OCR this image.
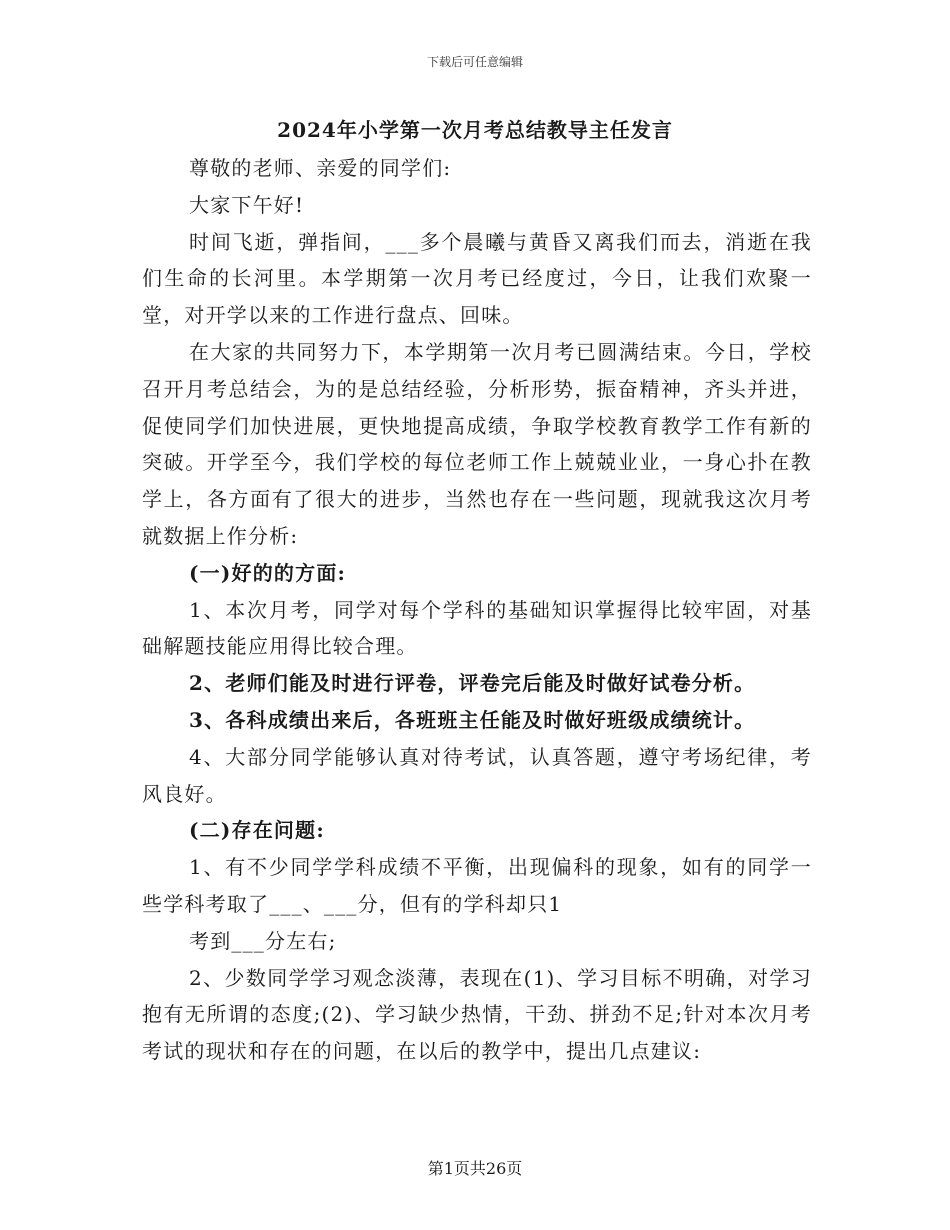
下载后可任意编辑
2024年小学第一次月考总结教导主任发言

尊敬的老师、亲爱的同学们:

大家下午好!

时间飞逝，弹指间，___多个晨曦与黄昏又离我们而去，消逝在我们生命的长河里。本学期第一次月考已经度过，今日，让我们欢聚一堂，对开学以来的工作进行盘点、回味。

在大家的共同努力下，本学期第一次月考已圆满结束。今日，学校召开月考总结会，为的是总结经验，分析形势，振奋精神，齐头并进，促使同学们加快进展，更快地提高成绩，争取学校教育教学工作有新的突破。开学至今，我们学校的每位老师工作上兢兢业业，一身心扑在教学上，各方面有了很大的进步，当然也存在一些问题，现就我这次月考就数据上作分析:

(一)好的的方面:

1、本次月考，同学对每个学科的基础知识掌握得比较牢固，对基础解题技能应用得比较合理。

2、老师们能及时进行评卷，评卷完后能及时做好试卷分析。

3、各科成绩出来后，各班班主任能及时做好班级成绩统计。

4、大部分同学能够认真对待考试，认真答题，遵守考场纪律，考风良好。

(二)存在问题:

1、有不少同学学科成绩不平衡，出现偏科的现象，如有的同学一些学科考取了___、___分，但有的学科却只1

考到___分左右;

2、少数同学学习观念淡薄，表现在(1)、学习目标不明确，对学习抱有无所谓的态度;(2)、学习缺少热情，干劲、拼劲不足;针对本次月考考试的现状和存在的问题，在以后的教学中，提出几点建议:

第1页共26页
